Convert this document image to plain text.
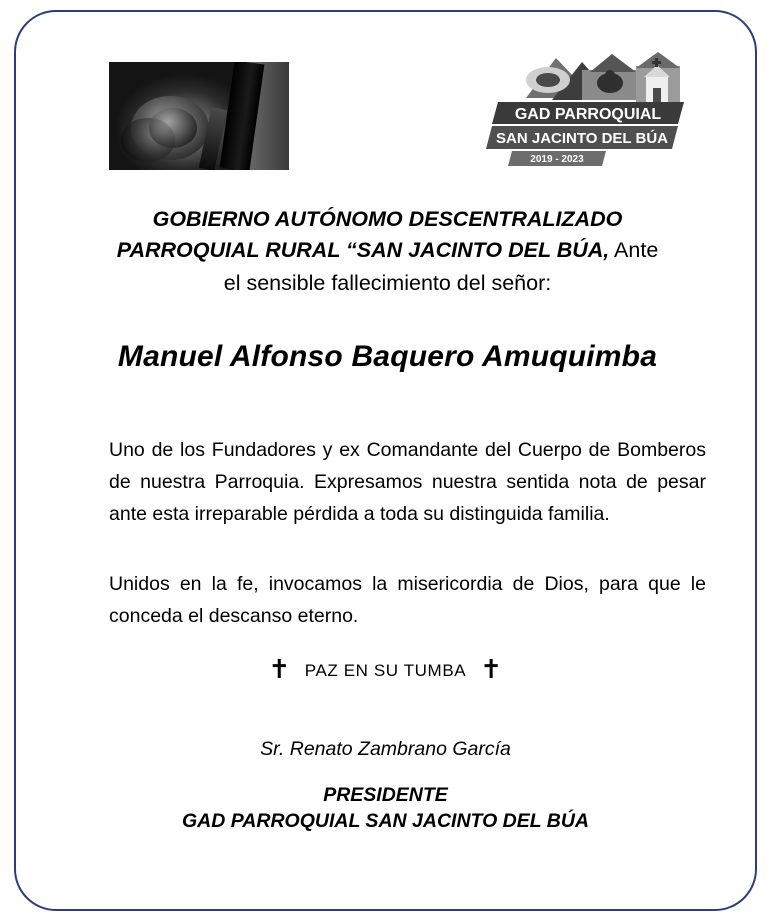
GAD PARROQUIAL
SAN JACINTO DEL BÚA
2019 - 2023
GOBIERNO AUTÓNOMO DESCENTRALIZADO
PARROQUIAL RURAL “SAN JACINTO DEL BÚA, Ante
el sensible fallecimiento del señor:
Manuel Alfonso Baquero Amuquimba
Uno de los Fundadores y ex Comandante del Cuerpo de Bomberos de nuestra Parroquia. Expresamos nuestra sentida nota de pesar ante esta irreparable pérdida a toda su distinguida familia.
Unidos en la fe, invocamos la misericordia de Dios, para que le conceda el descanso eterno.
✝ PAZ EN SU TUMBA ✝
Sr. Renato Zambrano García
PRESIDENTE
GAD PARROQUIAL SAN JACINTO DEL BÚA
